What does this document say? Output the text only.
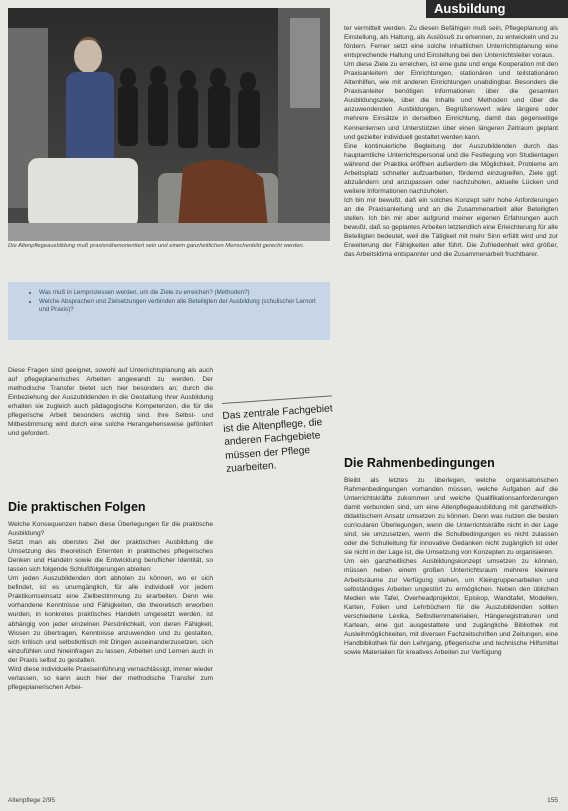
Ausbildung
Die Altenpflegeausbildung muß praxisnähenorientiert sein und einem ganzheitlichen Menschenbild gerecht werden.
• Was muß in Lernprozessen werden, um die Ziele zu erreichen? (Methoden?)
• Welche Absprachen und Zielsetzungen verbinden alle Beteiligten der Ausbildung (schulischer Lernort und Praxis)?

Diese Fragen sind geeignet, sowohl auf Unterrichtsplanung als auch auf pflegeplanerisches Arbeiten angewandt zu werden. Der methodische Transfer bietet sich hier besonders an; durch die Einbeziehung der Auszubildenden in die Gestaltung ihrer Ausbildung erhalten sie zugleich auch pädagogische Kompetenzen, die für die pflegerische Arbeit besonders wichtig sind. Ihre Selbst- und Mitbestimmung wird durch eine solche Herangehensweise gefördert und gefordert.

Das zentrale Fachgebiet ist die Altenpflege, die anderen Fachgebiete müssen der Pflege zuarbeiten.
Die praktischen Folgen

Welche Konsequenzen haben diese Überlegungen für die praktische Ausbildung?

Setzt man als oberstes Ziel der praktischen Ausbildung die Umsetzung des theoretisch Erlernten in praktisches pflegerisches Denken und Handeln sowie die Entwicklung beruflicher Identität, so lassen sich folgende Schlußfolgerungen ableiten:

Um jeden Auszubildenden dort abholen zu können, wo er sich befindet, ist es unumgänglich, für alle individuell vor jedem Praktikumseinsatz eine Zielbestimmung zu erarbeiten. Denn wie vorhandene Kenntnisse und Fähigkeiten, die theoretisch erworben wurden, in konkretes praktisches Handeln umgesetzt werden, ist abhängig von jeder einzelnen Persönlichkeit, von deren Fähigkeit, Wissen zu übertragen, Kenntnisse anzuwenden und zu gestalten, sich kritisch und selbstkritisch mit Dingen auseinanderzusetzen, sich einzufühlen und hineinfragen zu lassen, Arbeiten und Lernen auch in der Praxis selbst zu gestalten.

Wird diese individuelle Praxiseinführung vernachlässigt, immer wieder verlassen, so kann auch hier der methodische Transfer zum pflegeplanerischen Arbei-

ter vermittelt werden. Zu diesen Befähigen muß sein, Pflegeplanung als Einstellung, als Haltung, als Auslösuß zu erkennen, zu entwickeln und zu fördern. Ferner setzt eine solche inhaltlichen Unterrichtsplanung eine entsprechende Haltung und Einstellung bei den Unterrichtsleiter voraus.

Um diese Ziele zu erreichen, ist eine gute und enge Kooperation mit den Praxisanleitern der Einrichtungen, stationären und teilstationären Altenhilfen, wie mit anderen Einrichtungen unabdingbar. Besonders die Praxisanleiter benötigen Informationen über die gesamten Ausbildungsziele, über die Inhalte und Methoden und über die anzuwendenden Ausbildungen, Begrüßenswert wäre längere oder mehrere Einsätze in derselben Einrichtung, damit das gegenseitige Kennenlernen und Unterstützen über einen längeren Zeitraum geplant und gezielter individuell gestaltet werden kann.

Eine kontinuierliche Begleitung der Auszubildenden durch das hauptamtliche Unterrichtspersonal und die Festlegung von Studientagen während der Praktika eröffnen außerdem die Möglichkeit, Probleme am Arbeitsplatz schneller aufzuarbeiten, fördernd einzugreifen, Ziele ggf. abzuändern und anzupassen oder nachzuholen, aktuelle Lücken und weitere Informationen nachzuholen.

Ich bin mir bewußt, daß ein solches Konzept sehr hohe Anforderungen an die Praxisanleitung und an die Zusammenarbeit aller Beteiligten stellen. Ich bin mir aber aufgrund meiner eigenen Erfahrungen auch bewußt, daß so geplantes Arbeiten letztendlich eine Erleichterung für alle Beteiligten bedeutet, weil die Tätigkeit mit mehr Sinn erfüllt wird und zur Erweiterung der Fähigkeiten aller führt. Die Zufriedenheit wird größer, das Arbeitsklima entspannter und die Zusammenarbeit fruchtbarer.

Die Rahmenbedingungen

Bleibt als letztes zu überlegen, welche organisatorischen Rahmenbedingungen vorhanden müssen, welche Aufgaben auf die Unterrichtskräfte zukommen und welche Qualifikationsanforderungen damit verbunden sind, um eine Altenpflegeausbildung mit ganzheitlich-didaktischem Ansatz umsetzen zu können. Denn was nutzen die besten curricularen Überlegungen, wenn die Unterrichtskräfte nicht in der Lage sind, sie umzusetzen, wenn die Schulbedingungen es nicht zulassen oder die Schulleitung für innovative Gedanken nicht zugänglich ist oder sie nicht in der Lage ist, die Umsetzung von Konzepten zu organisieren.

Um ein ganzheitliches Ausbildungskonzept umsetzen zu können, müssen neben einem großen Unterrichtsraum mehrere kleinere Arbeitsräume zur Verfügung stehen, um Kleingruppenarbeiten und selbständiges Arbeiten ungestört zu ermöglichen. Neben den üblichen Medien wie Tafel, Overheadprojektor, Episkop, Wandtafel, Modellen, Karten, Folien und Lehrbüchern für die Auszubildenden sollten verschiedene Lexika, Selbstlernmaterialien, Hängeregistraturen und Kartean, eine gut ausgestattete und zugängliche Bibliothek mit Ausleihmöglichkeiten, mit diversen Fachzeitschriften und Zeitungen, eine Handbibliothek für den Lehrgang, pflegerische und technische Hilfsmittel sowie Materialien für kreatives Arbeiten zur Verfügung

Altenpflege 2/95	155
